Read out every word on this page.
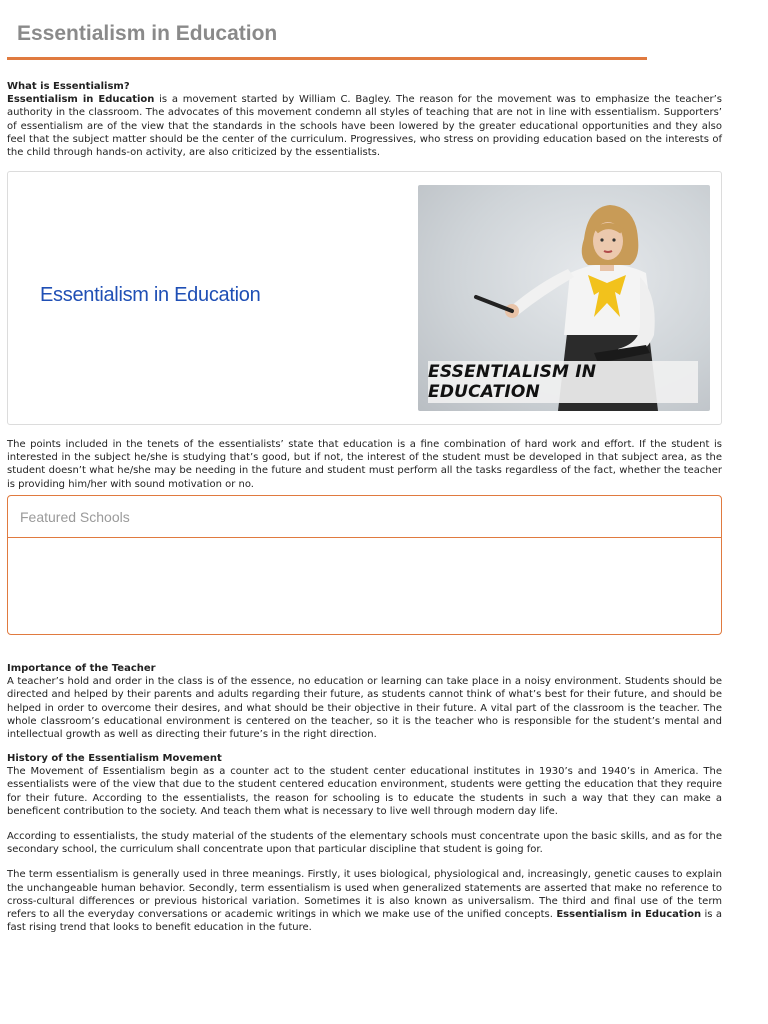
Essentialism in Education

What is Essentialism?

Essentialism in Education is a movement started by William C. Bagley. The reason for the movement was to emphasize the teacher’s authority in the classroom. The advocates of this movement condemn all styles of teaching that are not in line with essentialism. Supporters’ of essentialism are of the view that the standards in the schools have been lowered by the greater educational opportunities and they also feel that the subject matter should be the center of the curriculum. Progressives, who stress on providing education based on the interests of the child through hands-on activity, are also criticized by the essentialists.

Essentialism in Education
ESSENTIALISM IN EDUCATION

The points included in the tenets of the essentialists’ state that education is a fine combination of hard work and effort. If the student is interested in the subject he/she is studying that’s good, but if not, the interest of the student must be developed in that subject area, as the student doesn’t what he/she may be needing in the future and student must perform all the tasks regardless of the fact, whether the teacher is providing him/her with sound motivation or no.

Featured Schools

Importance of the Teacher

A teacher’s hold and order in the class is of the essence, no education or learning can take place in a noisy environment. Students should be directed and helped by their parents and adults regarding their future, as students cannot think of what’s best for their future, and should be helped in order to overcome their desires, and what should be their objective in their future. A vital part of the classroom is the teacher. The whole classroom’s educational environment is centered on the teacher, so it is the teacher who is responsible for the student’s mental and intellectual growth as well as directing their future’s in the right direction.

History of the Essentialism Movement

The Movement of Essentialism begin as a counter act to the student center educational institutes in 1930’s and 1940’s in America. The essentialists were of the view that due to the student centered education environment, students were getting the education that they require for their future. According to the essentialists, the reason for schooling is to educate the students in such a way that they can make a beneficent contribution to the society. And teach them what is necessary to live well through modern day life.

According to essentialists, the study material of the students of the elementary schools must concentrate upon the basic skills, and as for the secondary school, the curriculum shall concentrate upon that particular discipline that student is going for.

The term essentialism is generally used in three meanings. Firstly, it uses biological, physiological and, increasingly, genetic causes to explain the unchangeable human behavior. Secondly, term essentialism is used when generalized statements are asserted that make no reference to cross-cultural differences or previous historical variation. Sometimes it is also known as universalism. The third and final use of the term refers to all the everyday conversations or academic writings in which we make use of the unified concepts. Essentialism in Education is a fast rising trend that looks to benefit education in the future.
